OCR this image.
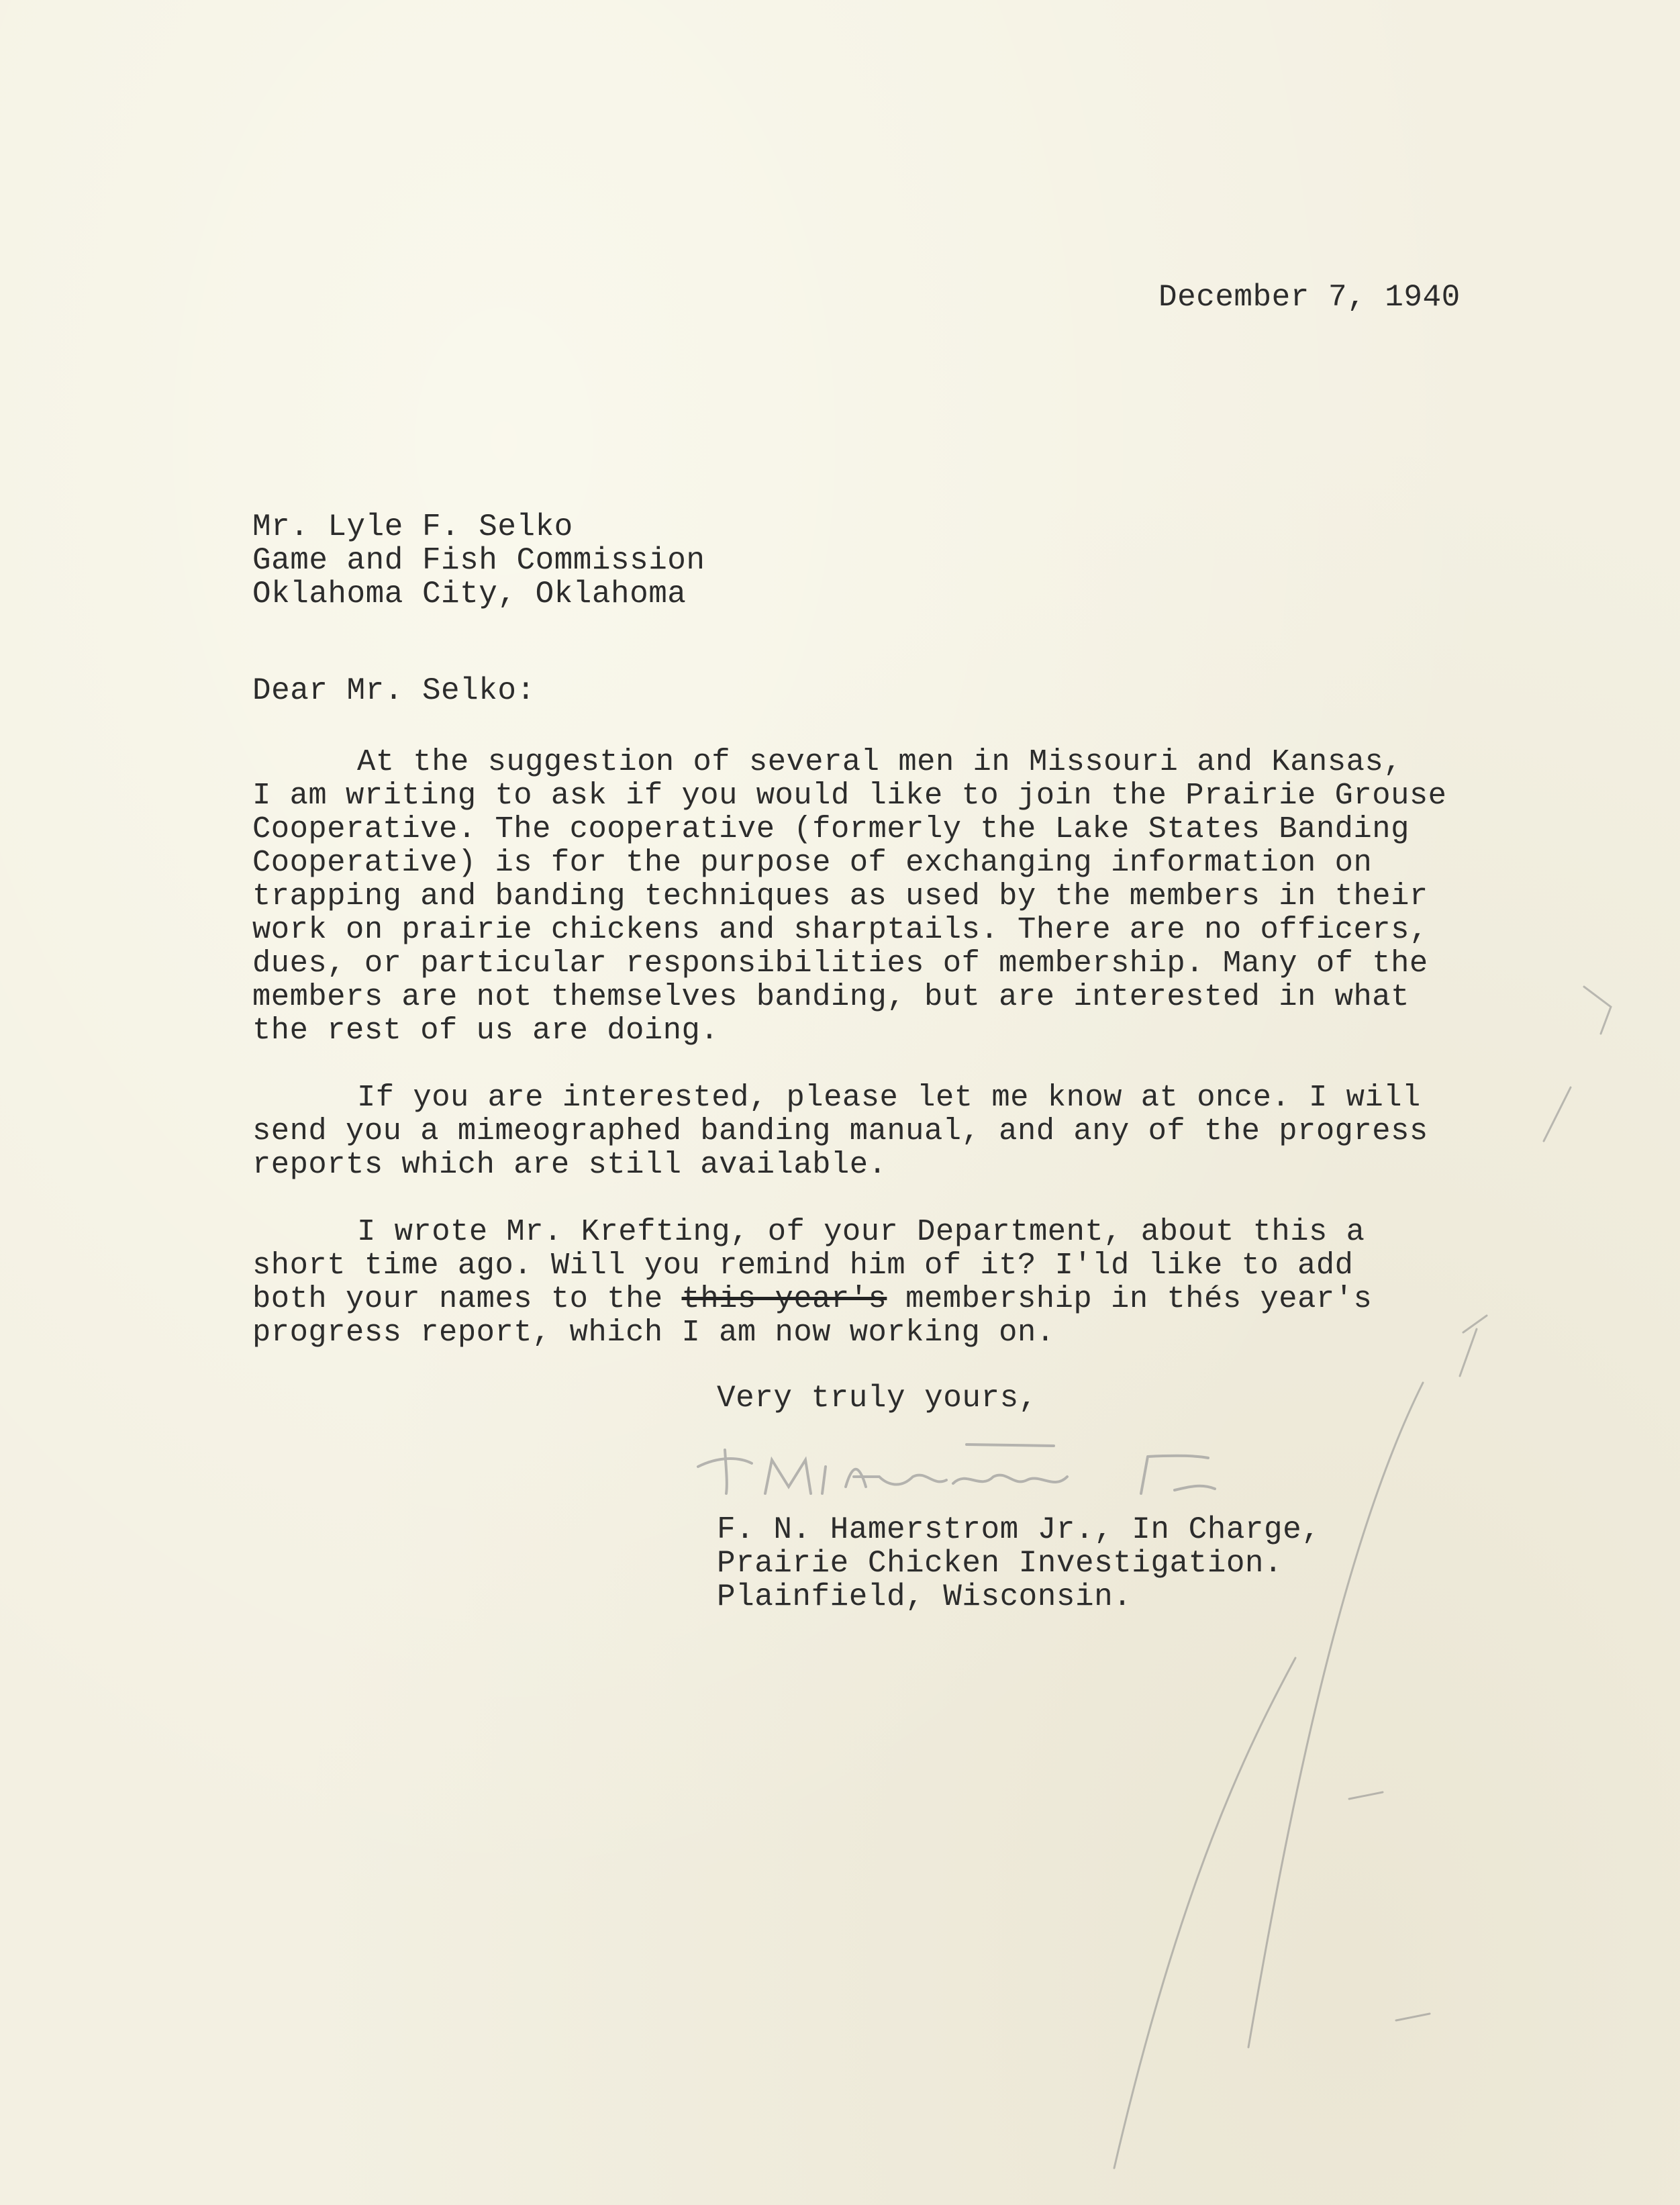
December 7, 1940
Mr. Lyle F. Selko
Game and Fish Commission
Oklahoma City, Oklahoma
Dear Mr. Selko:
At the suggestion of several men in Missouri and Kansas,
I am writing to ask if you would like to join the Prairie Grouse
Cooperative. The cooperative (formerly the Lake States Banding
Cooperative) is for the purpose of exchanging information on
trapping and banding techniques as used by the members in their
work on prairie chickens and sharptails. There are no officers,
dues, or particular responsibilities of membership. Many of the
members are not themselves banding, but are interested in what
the rest of us are doing.
If you are interested, please let me know at once. I will
send you a mimeographed banding manual, and any of the progress
reports which are still available.
I wrote Mr. Krefting, of your Department, about this a
short time ago. Will you remind him of it? I'ld like to add
both your names to the this year's membership in thés year's
progress report, which I am now working on.
Very truly yours,
F. N. Hamerstrom Jr.
F. N. Hamerstrom Jr., In Charge,
Prairie Chicken Investigation.
Plainfield, Wisconsin.
